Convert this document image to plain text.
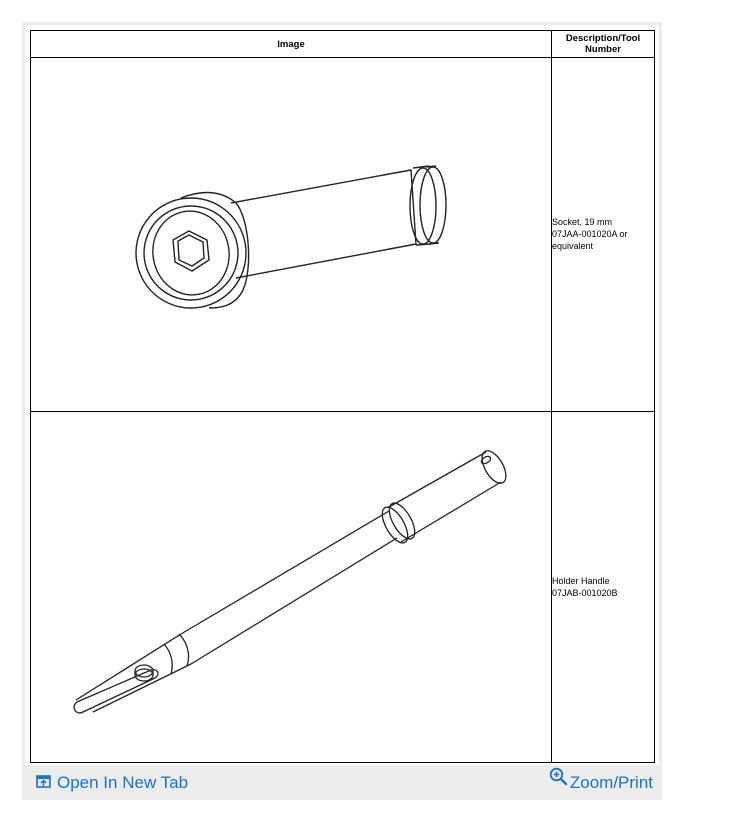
Image	Description/Tool Number

Socket, 19 mm
07JAA-001020A or
equivalent

Holder Handle
07JAB-001020B
Open In New Tab	Zoom/Print
